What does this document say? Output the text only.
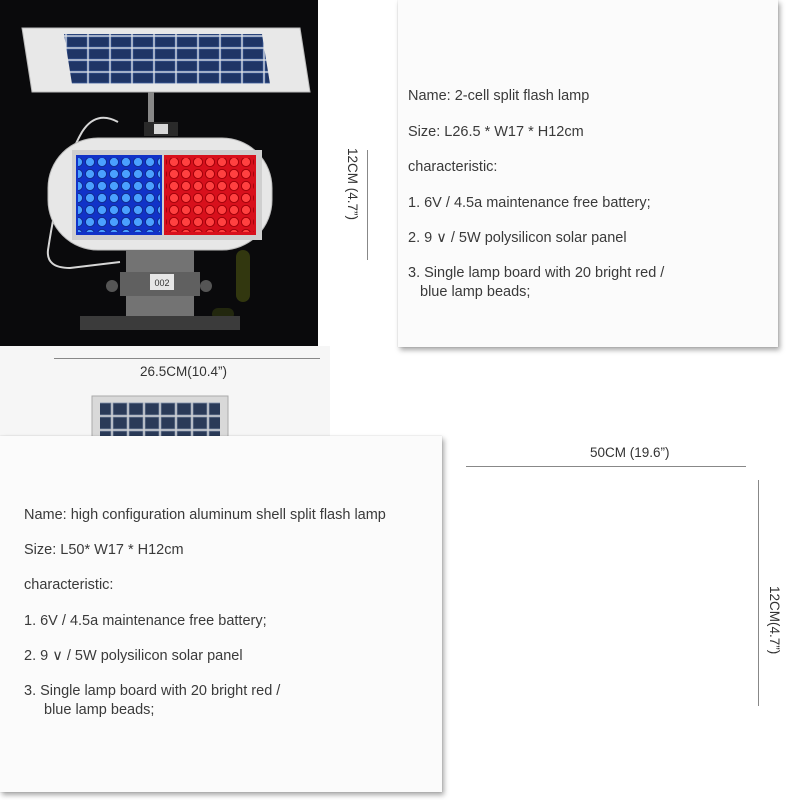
002
26.5CM(10.4”)
12CM (4.7”)
Name: 2-cell split flash lamp
Size: L26.5 * W17 * H12cm
characteristic:
1. 6V / 4.5a maintenance free battery;
2. 9 ∨ / 5W polysilicon solar panel
3. Single lamp board with 20 bright red /
blue lamp beads;
Name: high configuration aluminum shell split flash lamp
Size: L50* W17 * H12cm
characteristic:
1. 6V / 4.5a maintenance free battery;
2. 9 ∨ / 5W polysilicon solar panel
3. Single lamp board with 20 bright red /
blue lamp beads;
50CM (19.6”)
12CM(4.7”)
